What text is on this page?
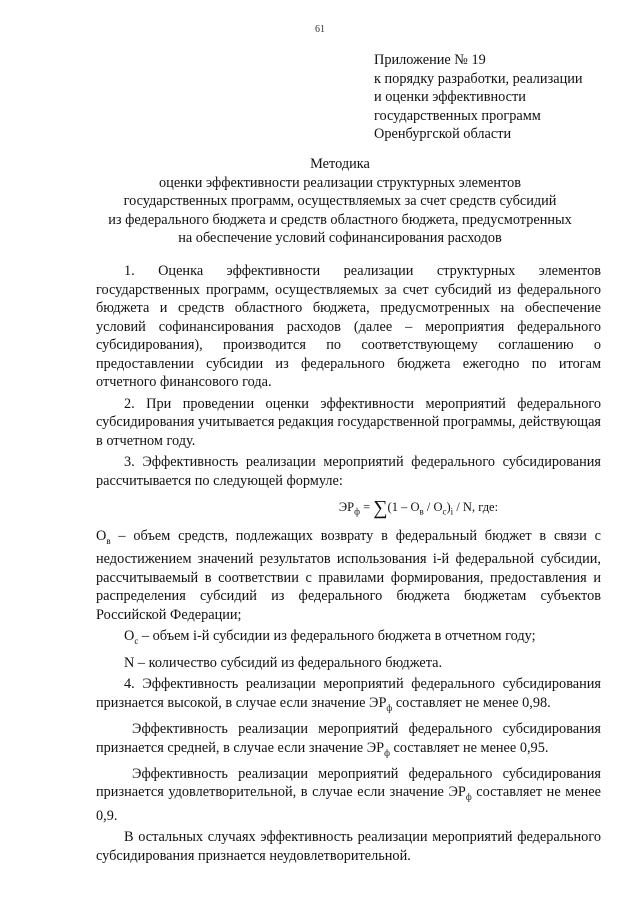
61
Приложение № 19
к порядку разработки, реализации
и оценки эффективности
государственных программ
Оренбургской области
Методика
оценки эффективности реализации структурных элементов
государственных программ, осуществляемых за счет средств субсидий
из федерального бюджета и средств областного бюджета, предусмотренных
на обеспечение условий софинансирования расходов

1. Оценка эффективности реализации структурных элементов государственных программ, осуществляемых за счет субсидий из федерального бюджета и средств областного бюджета, предусмотренных на обеспечение условий софинансирования расходов (далее – мероприятия федерального субсидирования), производится по соответствующему соглашению о предоставлении субсидии из федерального бюджета ежегодно по итогам отчетного финансового года.

2. При проведении оценки эффективности мероприятий федерального субсидирования учитывается редакция государственной программы, действующая в отчетном году.

3. Эффективность реализации мероприятий федерального субсидирования рассчитывается по следующей формуле:

$ЭР_ф = \sum(1 - О_в / О_с)_i / N$, где:

$О_в$ – объем средств, подлежащих возврату в федеральный бюджет в связи с недостижением значений результатов использования i-й федеральной субсидии, рассчитываемый в соответствии с правилами формирования, предоставления и распределения субсидий из федерального бюджета бюджетам субъектов Российской Федерации;

$О_с$ – объем i-й субсидии из федерального бюджета в отчетном году;

N – количество субсидий из федерального бюджета.

4. Эффективность реализации мероприятий федерального субсидирования признается высокой, в случае если значение $ЭР_ф$ составляет не менее 0,98.

Эффективность реализации мероприятий федерального субсидирования признается средней, в случае если значение $ЭР_ф$ составляет не менее 0,95.

Эффективность реализации мероприятий федерального субсидирования признается удовлетворительной, в случае если значение $ЭР_ф$ составляет не менее 0,9.

В остальных случаях эффективность реализации мероприятий федерального субсидирования признается неудовлетворительной.
